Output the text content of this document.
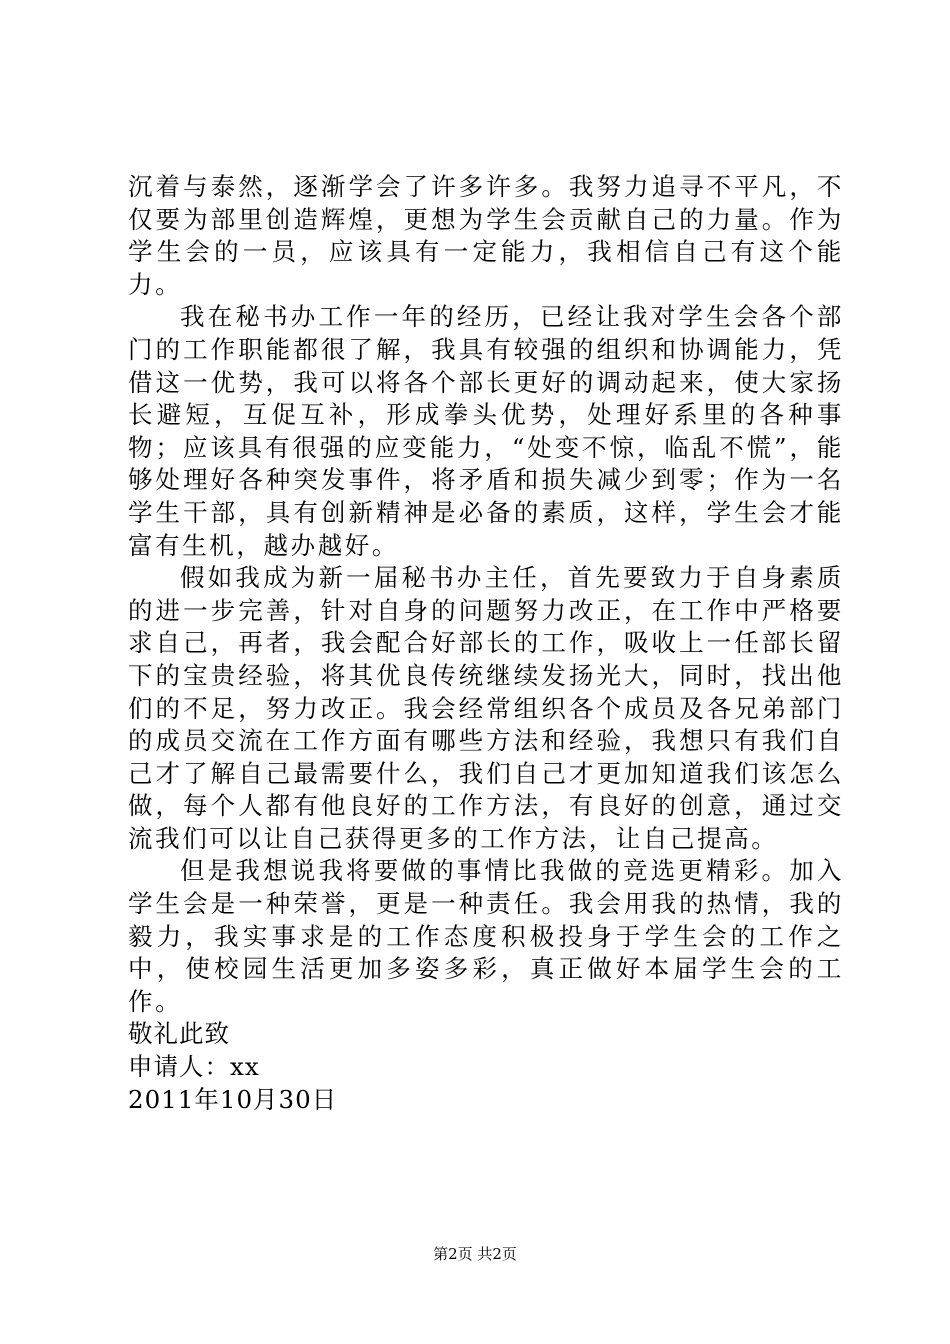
沉着与泰然，逐渐学会了许多许多。我努力追寻不平凡，不仅要为部里创造辉煌，更想为学生会贡献自己的力量。作为学生会的一员，应该具有一定能力，我相信自己有这个能力。

我在秘书办工作一年的经历，已经让我对学生会各个部门的工作职能都很了解，我具有较强的组织和协调能力，凭借这一优势，我可以将各个部长更好的调动起来，使大家扬长避短，互促互补，形成拳头优势，处理好系里的各种事物；应该具有很强的应变能力，“处变不惊，临乱不慌”，能够处理好各种突发事件，将矛盾和损失减少到零；作为一名学生干部，具有创新精神是必备的素质，这样，学生会才能富有生机，越办越好。

假如我成为新一届秘书办主任，首先要致力于自身素质的进一步完善，针对自身的问题努力改正，在工作中严格要求自己，再者，我会配合好部长的工作，吸收上一任部长留下的宝贵经验，将其优良传统继续发扬光大，同时，找出他们的不足，努力改正。我会经常组织各个成员及各兄弟部门的成员交流在工作方面有哪些方法和经验，我想只有我们自己才了解自己最需要什么，我们自己才更加知道我们该怎么做，每个人都有他良好的工作方法，有良好的创意，通过交流我们可以让自己获得更多的工作方法，让自己提高。

但是我想说我将要做的事情比我做的竞选更精彩。加入学生会是一种荣誉，更是一种责任。我会用我的热情，我的毅力，我实事求是的工作态度积极投身于学生会的工作之中，使校园生活更加多姿多彩，真正做好本届学生会的工作。

敬礼此致

申请人：xx

2011年10月30日

第2页 共2页
